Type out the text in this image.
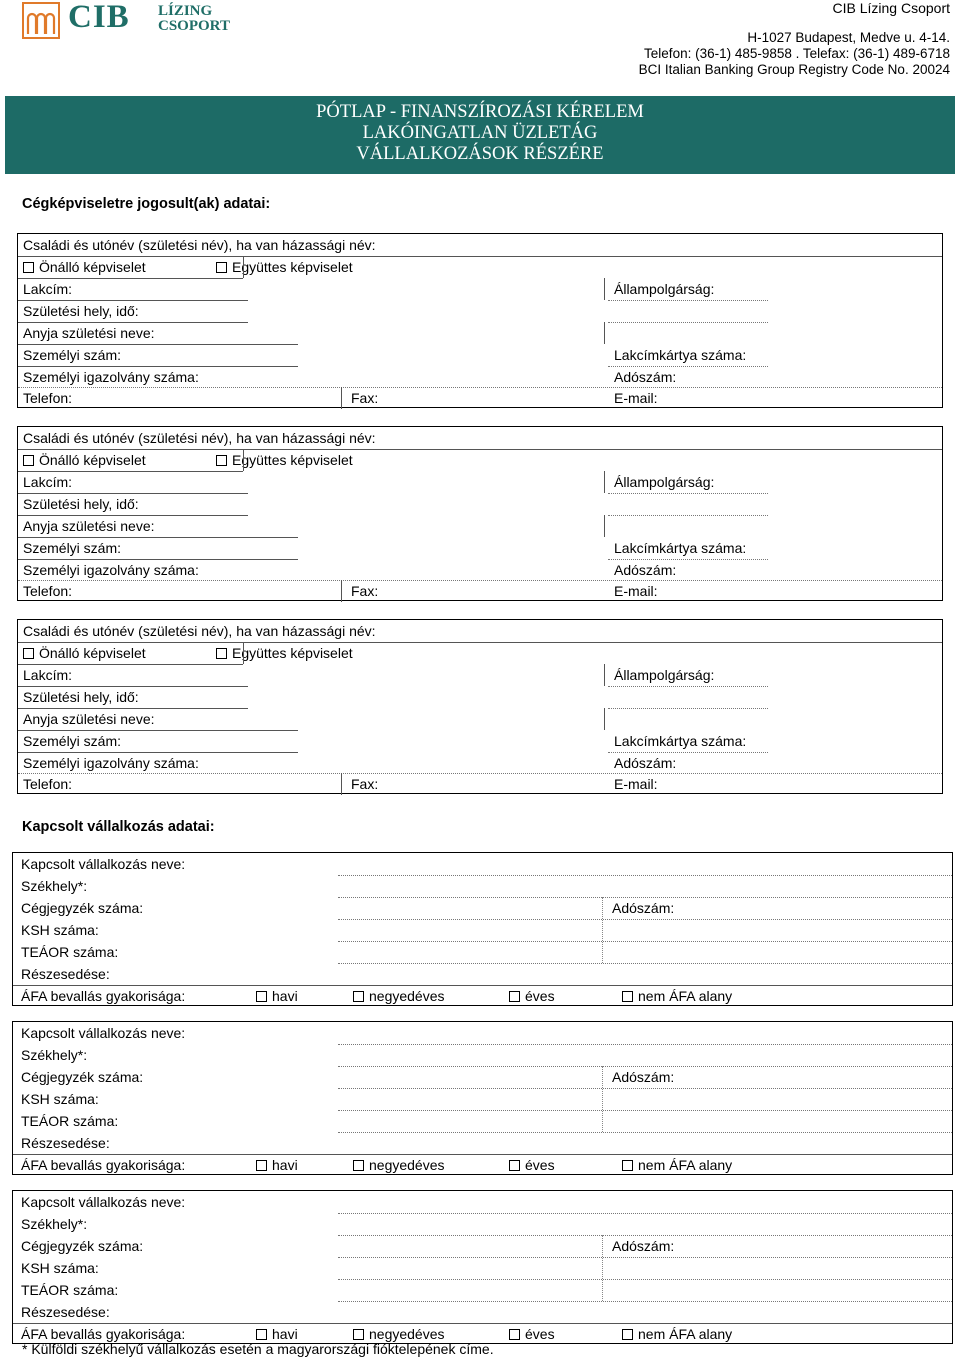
CIB LÍZING
CSOPORT
CIB Lízing Csoport
H-1027 Budapest, Medve u. 4-14.
Telefon: (36-1) 485-9858 . Telefax: (36-1) 489-6718
BCI Italian Banking Group Registry Code No. 20024
PÓTLAP - FINANSZÍROZÁSI KÉRELEM
LAKÓINGATLAN ÜZLETÁG
VÁLLALKOZÁSOK RÉSZÉRE
Cégképviseletre jogosult(ak) adatai:
Kapcsolt vállalkozás adatai:
Családi és utónév (születési név), ha van házassági név:
Önálló képviselet	Együttes képviselet
Lakcím:	Állampolgárság:
Születési hely, idő:
Anyja születési neve:
Személyi szám:	Lakcímkártya száma:
Személyi igazolvány száma:	Adószám:
Telefon:	Fax:	E-mail:
Családi és utónév (születési név), ha van házassági név:
Önálló képviselet	Együttes képviselet
Lakcím:	Állampolgárság:
Születési hely, idő:
Anyja születési neve:
Személyi szám:	Lakcímkártya száma:
Személyi igazolvány száma:	Adószám:
Telefon:	Fax:	E-mail:
Családi és utónév (születési név), ha van házassági név:
Önálló képviselet	Együttes képviselet
Lakcím:	Állampolgárság:
Születési hely, idő:
Anyja születési neve:
Személyi szám:	Lakcímkártya száma:
Személyi igazolvány száma:	Adószám:
Telefon:	Fax:	E-mail:
Kapcsolt vállalkozás neve:
Székhely*:
Cégjegyzék száma:	Adószám:
KSH száma:
TEÁOR száma:
Részesedése:
ÁFA bevallás gyakorisága:	havi	negyedéves	éves	nem ÁFA alany
Kapcsolt vállalkozás neve:
Székhely*:
Cégjegyzék száma:	Adószám:
KSH száma:
TEÁOR száma:
Részesedése:
ÁFA bevallás gyakorisága:	havi	negyedéves	éves	nem ÁFA alany
Kapcsolt vállalkozás neve:
Székhely*:
Cégjegyzék száma:	Adószám:
KSH száma:
TEÁOR száma:
Részesedése:
ÁFA bevallás gyakorisága:	havi	negyedéves	éves	nem ÁFA alany
* Külföldi székhelyű vállalkozás esetén a magyarországi fióktelepének címe.
